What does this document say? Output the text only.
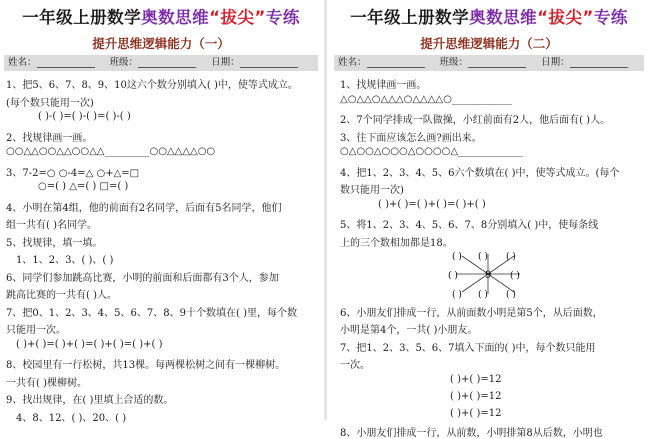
一年级上册数学奥数思维“拔尖”专练
提升思维逻辑能力（一）
姓名：	班级：	日期：
1、把5、6、7、8、9、10这六个数分别填入( )中，使等式成立。
(每个数只能用一次)
( )-( )=( )-( )=( )-( )
2、找规律画一画。
○○△△○○△△○○△△_________○○△△△△○○
3、7-2=○ ○-4=△ ○+△=□
○=( ) △=( ) □=( )
4、小明在第4组，他的前面有2名同学，后面有5名同学，他们
组一共有( )名同学。
5、找规律，填一填。
1、1、2、3、( )、( )
6、同学们参加跳高比赛，小明的前面和后面都有3个人，参加
跳高比赛的一共有( )人。
7、把0、1、2、3、4、5、6、7、8、9十个数填在( )里，每个数
只能用一次。
( )+( )=( )+( )=( )+( )=( )+( )
8、校园里有一行松树，共13棵。每两棵松树之间有一棵柳树。
一共有( )棵柳树。
9、找出规律，在( )里填上合适的数。
4、8、12、( )、20、( )
一年级上册数学奥数思维“拔尖”专练
提升思维逻辑能力（二）
姓名：	班级：	日期：
1、找规律画一画。
△○△△○△△△○△△△△○____________
2、7个同学排成一队做操，小红前面有2人，他后面有( )人。
3、往下面应该怎么画?画出来。
○△○○△○○○△○○○○△_____________
4、把1、2、3、4、5、6六个数填在( )中，使等式成立。(每个
数只能用一次)
( )+( )=( )+( )=( )+( )
5、将1、2、3、4、5、6、7、8分别填入( )中，使每条线
上的三个数相加都是18。
9
( ) ( ) ( )
( )	( )
( ) ( ) ( )
6、小朋友们排成一行，从前面数小明是第5个，从后面数，
小明是第4个，一共( )小朋友。
7、把1、2、3、5、6、7填入下面的( )中，每个数只能用
一次。
( )+( )=12
( )+( )=12
( )+( )=12
8、小朋友们排成一行，从前数，小明排第8从后数，小明也
